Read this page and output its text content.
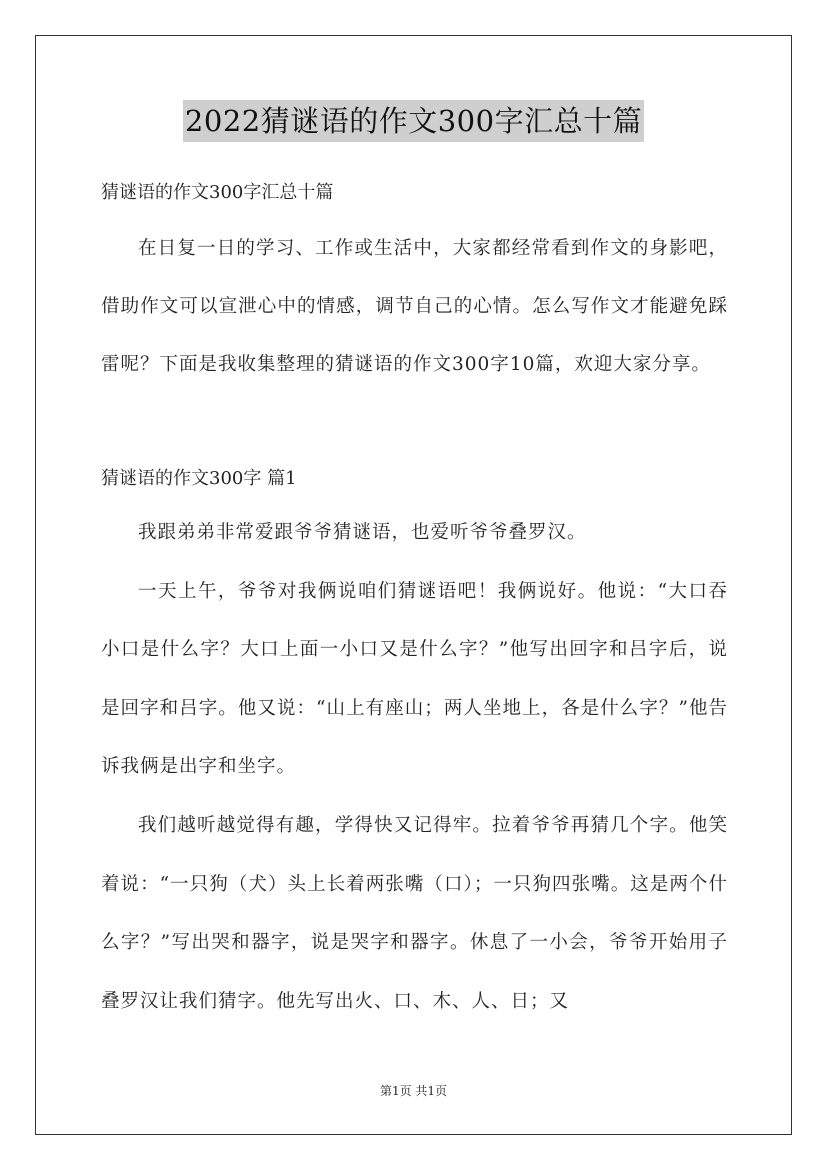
2022猜谜语的作文300字汇总十篇

猜谜语的作文300字汇总十篇

在日复一日的学习、工作或生活中，大家都经常看到作文的身影吧，借助作文可以宣泄心中的情感，调节自己的心情。怎么写作文才能避免踩雷呢？下面是我收集整理的猜谜语的作文300字10篇，欢迎大家分享。

猜谜语的作文300字 篇1

我跟弟弟非常爱跟爷爷猜谜语，也爱听爷爷叠罗汉。

一天上午，爷爷对我俩说咱们猜谜语吧！我俩说好。他说：“大口吞小口是什么字？大口上面一小口又是什么字？”他写出回字和吕字后，说是回字和吕字。他又说：“山上有座山；两人坐地上，各是什么字？”他告诉我俩是出字和坐字。

我们越听越觉得有趣，学得快又记得牢。拉着爷爷再猜几个字。他笑着说：“一只狗（犬）头上长着两张嘴（口）；一只狗四张嘴。这是两个什么字？”写出哭和器字，说是哭字和器字。休息了一小会，爷爷开始用子叠罗汉让我们猜字。他先写出火、口、木、人、日；又

第1页 共1页
